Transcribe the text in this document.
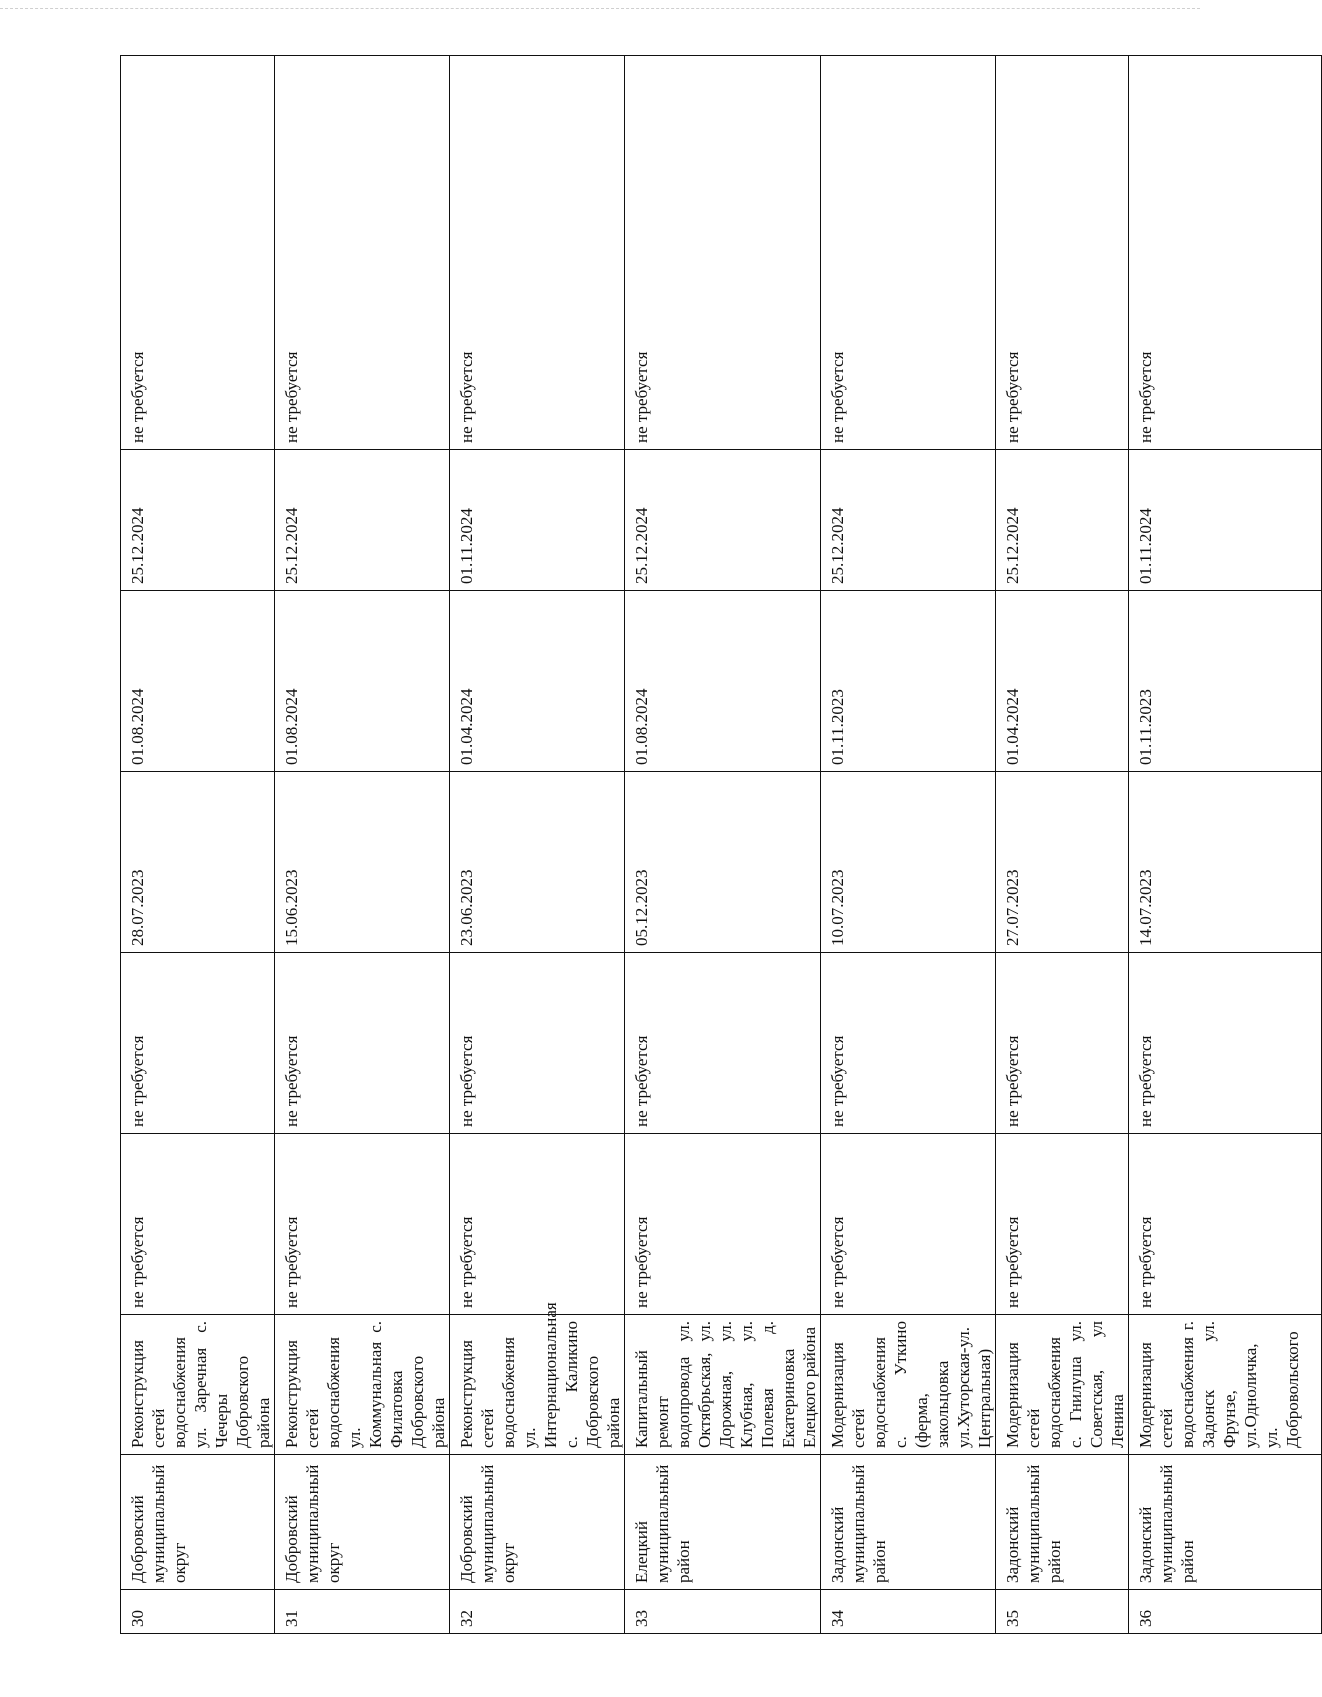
30	Добровский муниципальный округ	Реконструкция сетей водоснабжения ул. Заречная с. Чечеры Добровского района	не требуется	не требуется	28.07.2023	01.08.2024	25.12.2024	не требуется
31	Добровский муниципальный округ	Реконструкция сетей водоснабжения ул. Коммунальная с. Филатовка Добровского района	не требуется	не требуется	15.06.2023	01.08.2024	25.12.2024	не требуется
32	Добровский муниципальный округ	Реконструкция сетей водоснабжения ул. Интернациональная с. Каликино Добровского района	не требуется	не требуется	23.06.2023	01.04.2024	01.11.2024	не требуется
33	Елецкий муниципальный район	Капитальный ремонт водопровода ул. Октябрьская, ул. Дорожная, ул. Клубная, ул. Полевая д. Екатериновка Елецкого района	не требуется	не требуется	05.12.2023	01.08.2024	25.12.2024	не требуется
34	Задонский муниципальный район	Модернизация сетей водоснабжения с. Уткино (ферма, закольцовка ул.Хуторская-ул. Центральная)	не требуется	не требуется	10.07.2023	01.11.2023	25.12.2024	не требуется
35	Задонский муниципальный район	Модернизация сетей водоснабжения с. Гнилуша ул. Советская, ул Ленина	не требуется	не требуется	27.07.2023	01.04.2024	25.12.2024	не требуется
36	Задонский муниципальный район	Модернизация сетей водоснабжения г. Задонск ул. Фрунзе, ул.Одноличка, ул. Добровольского	не требуется	не требуется	14.07.2023	01.11.2023	01.11.2024	не требуется
